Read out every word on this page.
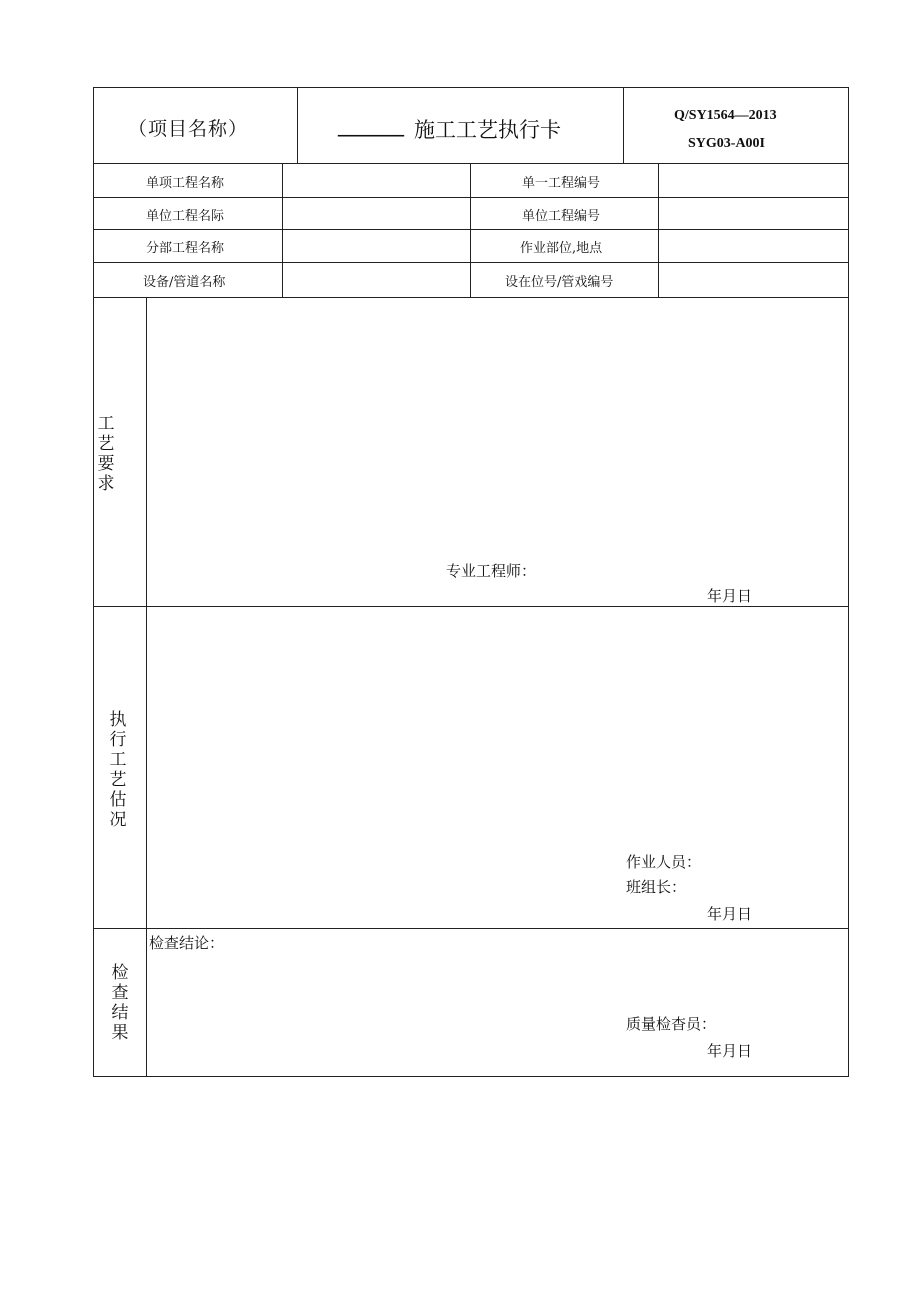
（项目名称）	______ 施工工艺执行卡
Q/SY1564—2013
SYG03-A00I
单项工程名称	单一工程编号
单位工程名际	单位工程编号
分部工程名称	作业部位,地点
设备/管道名称	设在位号/管戏编号
工
艺
要
求
专业工程师：
年月日
执
行
工
艺
估
况
作业人员：
班组长：
年月日
检
查
结
果
检查结论：
质量检杳员：
年月日
